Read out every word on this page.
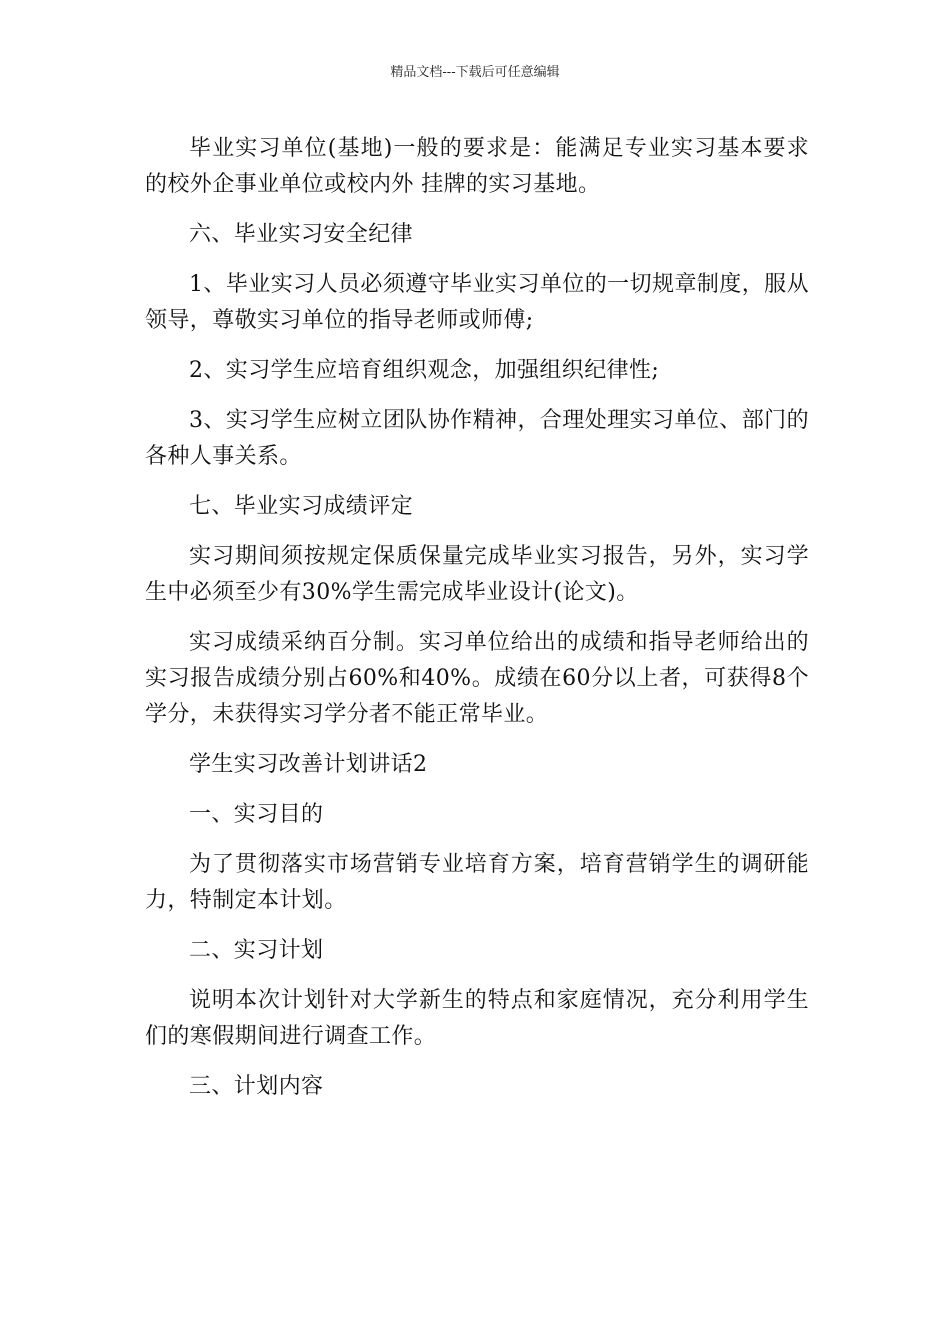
精品文档---下载后可任意编辑

毕业实习单位(基地)一般的要求是：能满足专业实习基本要求的校外企事业单位或校内外 挂牌的实习基地。

六、毕业实习安全纪律

1、毕业实习人员必须遵守毕业实习单位的一切规章制度，服从领导，尊敬实习单位的指导老师或师傅;

2、实习学生应培育组织观念，加强组织纪律性;

3、实习学生应树立团队协作精神，合理处理实习单位、部门的各种人事关系。

七、毕业实习成绩评定

实习期间须按规定保质保量完成毕业实习报告，另外，实习学生中必须至少有30%学生需完成毕业设计(论文)。

实习成绩采纳百分制。实习单位给出的成绩和指导老师给出的实习报告成绩分别占60%和40%。成绩在60分以上者，可获得8个学分，未获得实习学分者不能正常毕业。

学生实习改善计划讲话2

一、实习目的

为了贯彻落实市场营销专业培育方案，培育营销学生的调研能力，特制定本计划。

二、实习计划

说明本次计划针对大学新生的特点和家庭情况，充分利用学生们的寒假期间进行调查工作。

三、计划内容
